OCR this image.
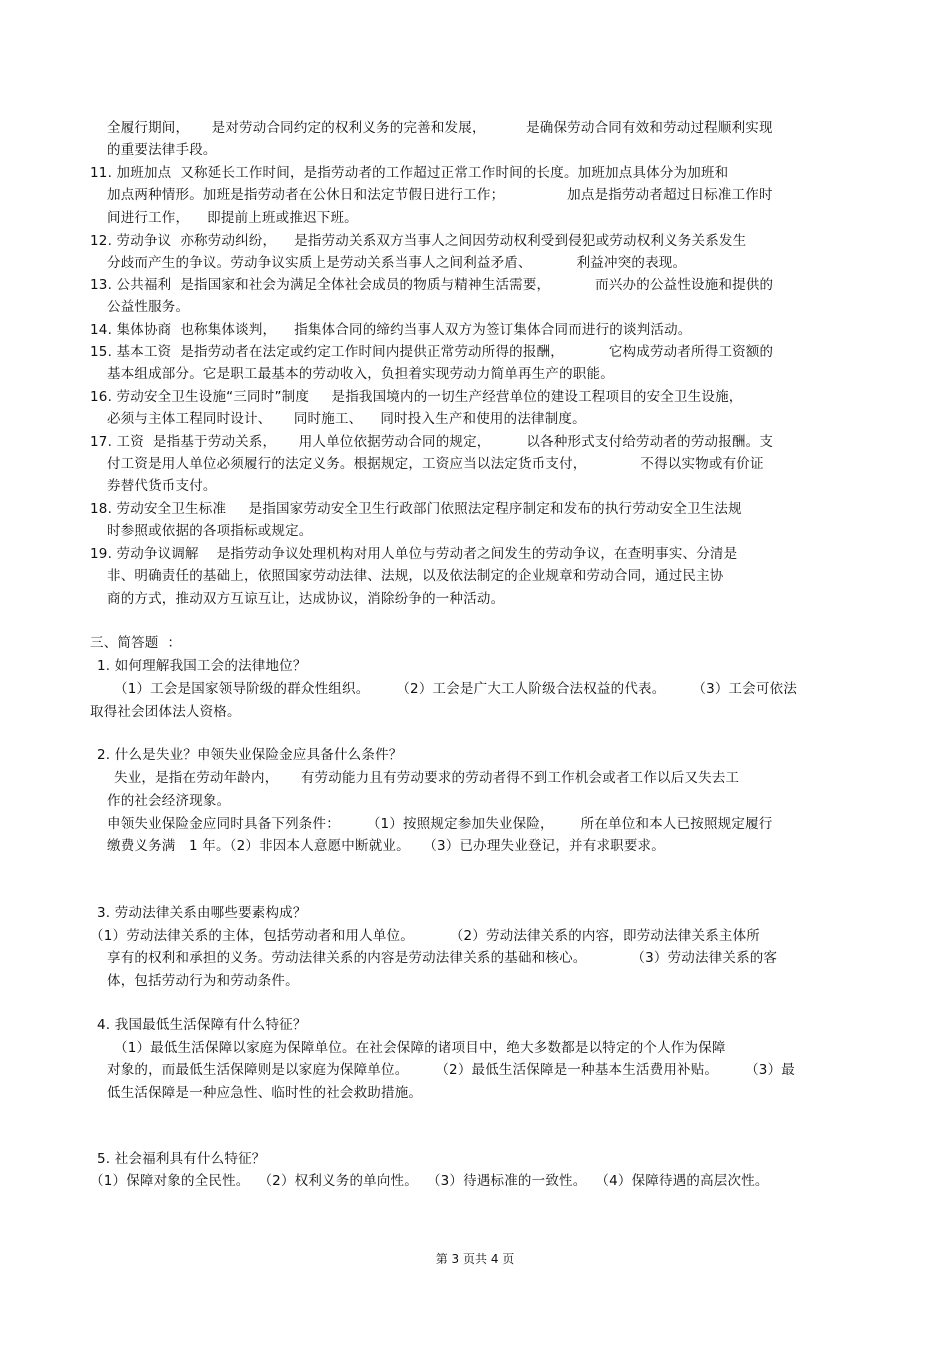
全履行期间，     是对劳动合同约定的权利义务的完善和发展，         是确保劳动合同有效和劳动过程顺利实现
的重要法律手段。
11. 加班加点  又称延长工作时间，是指劳动者的工作超过正常工作时间的长度。加班加点具体分为加班和
加点两种情形。加班是指劳动者在公休日和法定节假日进行工作；              加点是指劳动者超过日标准工作时
间进行工作，    即提前上班或推迟下班。
12. 劳动争议  亦称劳动纠纷，    是指劳动关系双方当事人之间因劳动权利受到侵犯或劳动权利义务关系发生
分歧而产生的争议。劳动争议实质上是劳动关系当事人之间利益矛盾、          利益冲突的表现。
13. 公共福利  是指国家和社会为满足全体社会成员的物质与精神生活需要，          而兴办的公益性设施和提供的
公益性服务。
14. 集体协商  也称集体谈判，    指集体合同的缔约当事人双方为签订集体合同而进行的谈判活动。
15. 基本工资  是指劳动者在法定或约定工作时间内提供正常劳动所得的报酬，          它构成劳动者所得工资额的
基本组成部分。它是职工最基本的劳动收入，负担着实现劳动力简单再生产的职能。
16. 劳动安全卫生设施“三同时”制度     是指我国境内的一切生产经营单位的建设工程项目的安全卫生设施，
必须与主体工程同时设计、     同时施工、    同时投入生产和使用的法律制度。
17. 工资  是指基于劳动关系，     用人单位依据劳动合同的规定，        以各种形式支付给劳动者的劳动报酬。支
付工资是用人单位必须履行的法定义务。根据规定，工资应当以法定货币支付，            不得以实物或有价证
券替代货币支付。
18. 劳动安全卫生标准     是指国家劳动安全卫生行政部门依照法定程序制定和发布的执行劳动安全卫生法规
时参照或依据的各项指标或规定。
19. 劳动争议调解    是指劳动争议处理机构对用人单位与劳动者之间发生的劳动争议，在查明事实、分清是
非、明确责任的基础上，依照国家劳动法律、法规，以及依法制定的企业规章和劳动合同，通过民主协
商的方式，推动双方互谅互让，达成协议，消除纷争的一种活动。
三、简答题  ：
1. 如何理解我国工会的法律地位？
（1）工会是国家领导阶级的群众性组织。      （2）工会是广大工人阶级合法权益的代表。      （3）工会可依法
取得社会团体法人资格。
2. 什么是失业？申领失业保险金应具备什么条件？
失业，是指在劳动年龄内，     有劳动能力且有劳动要求的劳动者得不到工作机会或者工作以后又失去工
作的社会经济现象。
申领失业保险金应同时具备下列条件：      （1）按照规定参加失业保险，      所在单位和本人已按照规定履行
缴费义务满   1 年。（2）非因本人意愿中断就业。   （3）已办理失业登记，并有求职要求。
3. 劳动法律关系由哪些要素构成？
（1）劳动法律关系的主体，包括劳动者和用人单位。        （2）劳动法律关系的内容，即劳动法律关系主体所
享有的权利和承担的义务。劳动法律关系的内容是劳动法律关系的基础和核心。          （3）劳动法律关系的客
体，包括劳动行为和劳动条件。
4. 我国最低生活保障有什么特征？
（1）最低生活保障以家庭为保障单位。在社会保障的诸项目中，绝大多数都是以特定的个人作为保障
对象的，而最低生活保障则是以家庭为保障单位。      （2）最低生活保障是一种基本生活费用补贴。      （3）最
低生活保障是一种应急性、临时性的社会救助措施。
5. 社会福利具有什么特征？
（1）保障对象的全民性。  （2）权利义务的单向性。  （3）待遇标准的一致性。  （4）保障待遇的高层次性。
第 3 页共 4 页
